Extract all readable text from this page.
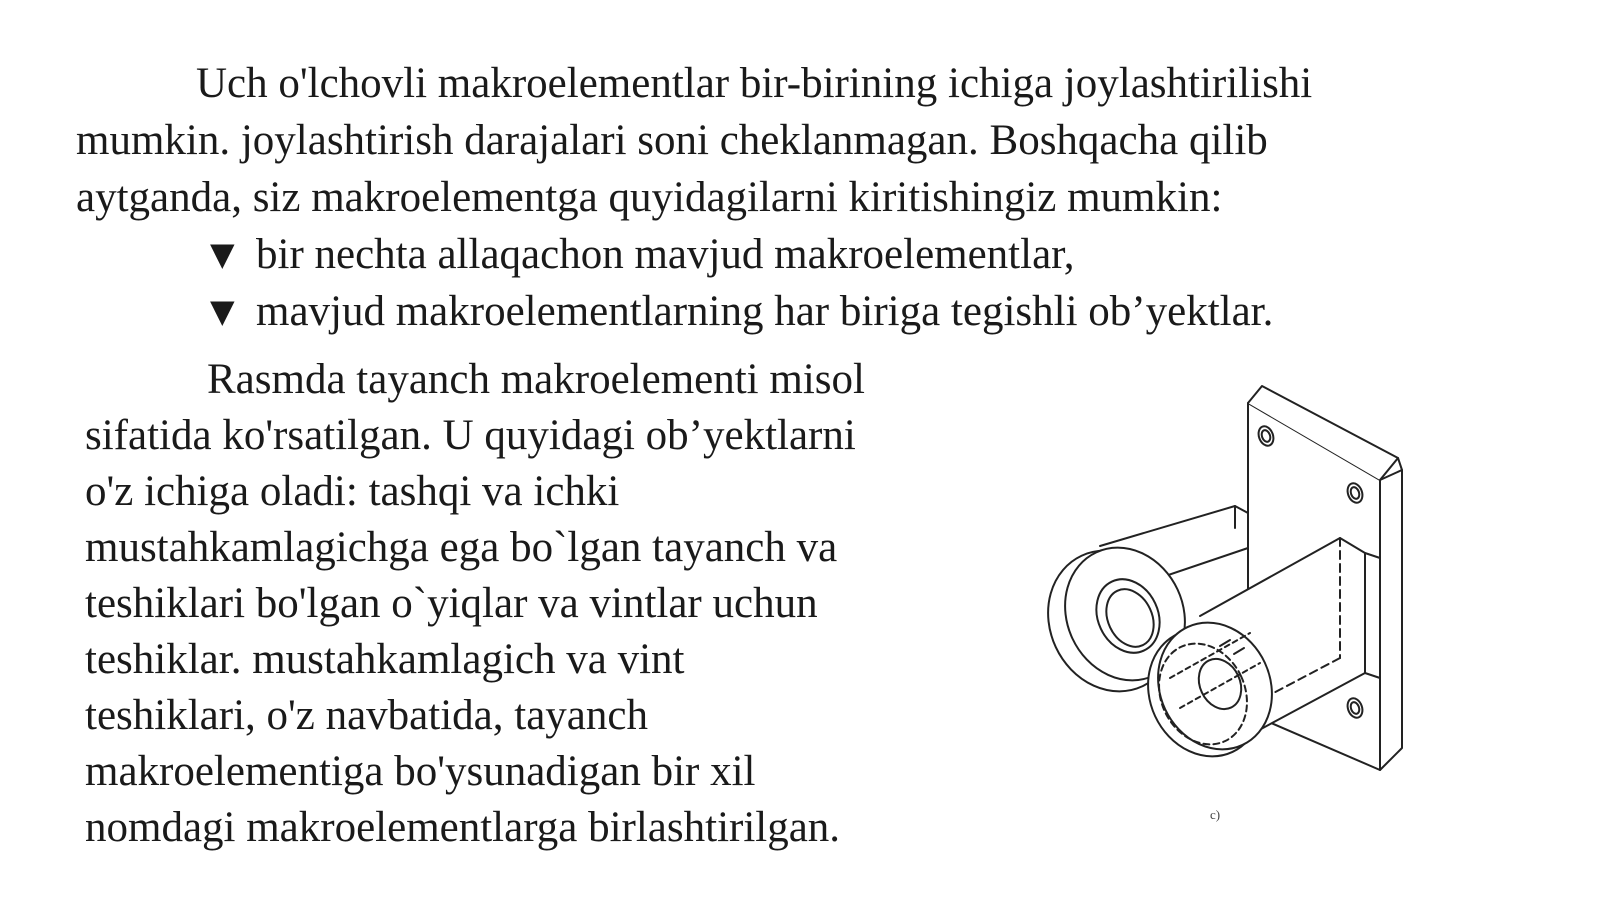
Uch o'lchovli makroelementlar bir-birining ichiga joylashtirilishi
mumkin. joylashtirish darajalari soni cheklanmagan. Boshqacha qilib
aytganda, siz makroelementga quyidagilarni kiritishingiz mumkin:

▼ bir nechta allaqachon mavjud makroelementlar,
▼ mavjud makroelementlarning har biriga tegishli ob’yektlar.

Rasmda tayanch makroelementi misol
sifatida ko'rsatilgan. U quyidagi ob’yektlarni
o'z ichiga oladi: tashqi va ichki
mustahkamlagichga ega bo`lgan tayanch va
teshiklari bo'lgan o`yiqlar va vintlar uchun
teshiklar. mustahkamlagich va vint
teshiklari, o'z navbatida, tayanch
makroelementiga bo'ysunadigan bir xil
nomdagi makroelementlarga birlashtirilgan.	c)
